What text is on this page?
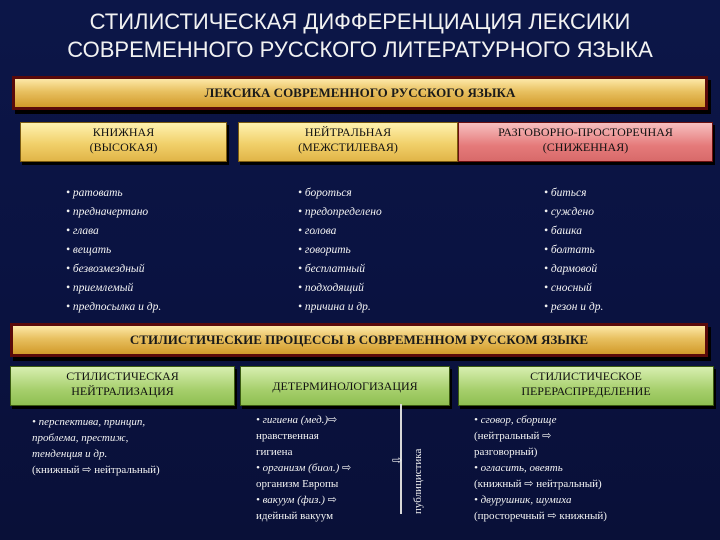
СТИЛИСТИЧЕСКАЯ ДИФФЕРЕНЦИАЦИЯ ЛЕКСИКИ
СОВРЕМЕННОГО РУССКОГО ЛИТЕРАТУРНОГО ЯЗЫКА
ЛЕКСИКА СОВРЕМЕННОГО РУССКОГО ЯЗЫКА
КНИЖНАЯ
(ВЫСОКАЯ)
НЕЙТРАЛЬНАЯ
(МЕЖСТИЛЕВАЯ)
РАЗГОВОРНО-ПРОСТОРЕЧНАЯ
(СНИЖЕННАЯ)
• ратовать
• предначертано
• глава
• вещать
• безвозмездный
• приемлемый
• предпосылка и др.
• бороться
• предопределено
• голова
• говорить
• бесплатный
• подходящий
• причина и др.
• биться
• суждено
• башка
• болтать
• дармовой
• сносный
• резон и др.
СТИЛИСТИЧЕСКИЕ ПРОЦЕССЫ В СОВРЕМЕННОМ РУССКОМ ЯЗЫКЕ
СТИЛИСТИЧЕСКАЯ
НЕЙТРАЛИЗАЦИЯ	ДЕТЕРМИНОЛОГИЗАЦИЯ
СТИЛИСТИЧЕСКОЕ
ПЕРЕРАСПРЕДЕЛЕНИЕ
• перспектива, принцип,
проблема, престиж,
тенденция и др.
(книжный ⇨ нейтральный)
• гигиена (мед.)⇨
нравственная
гигиена
• организм (биол.) ⇨
организм Европы
• вакуум (физ.) ⇨
идейный вакуум
⇨ публицистика
• сговор, сборище
(нейтральный ⇨
разговорный)
• огласить, овеять
(книжный ⇨ нейтральный)
• двурушник, шумиха
(просторечный ⇨ книжный)
